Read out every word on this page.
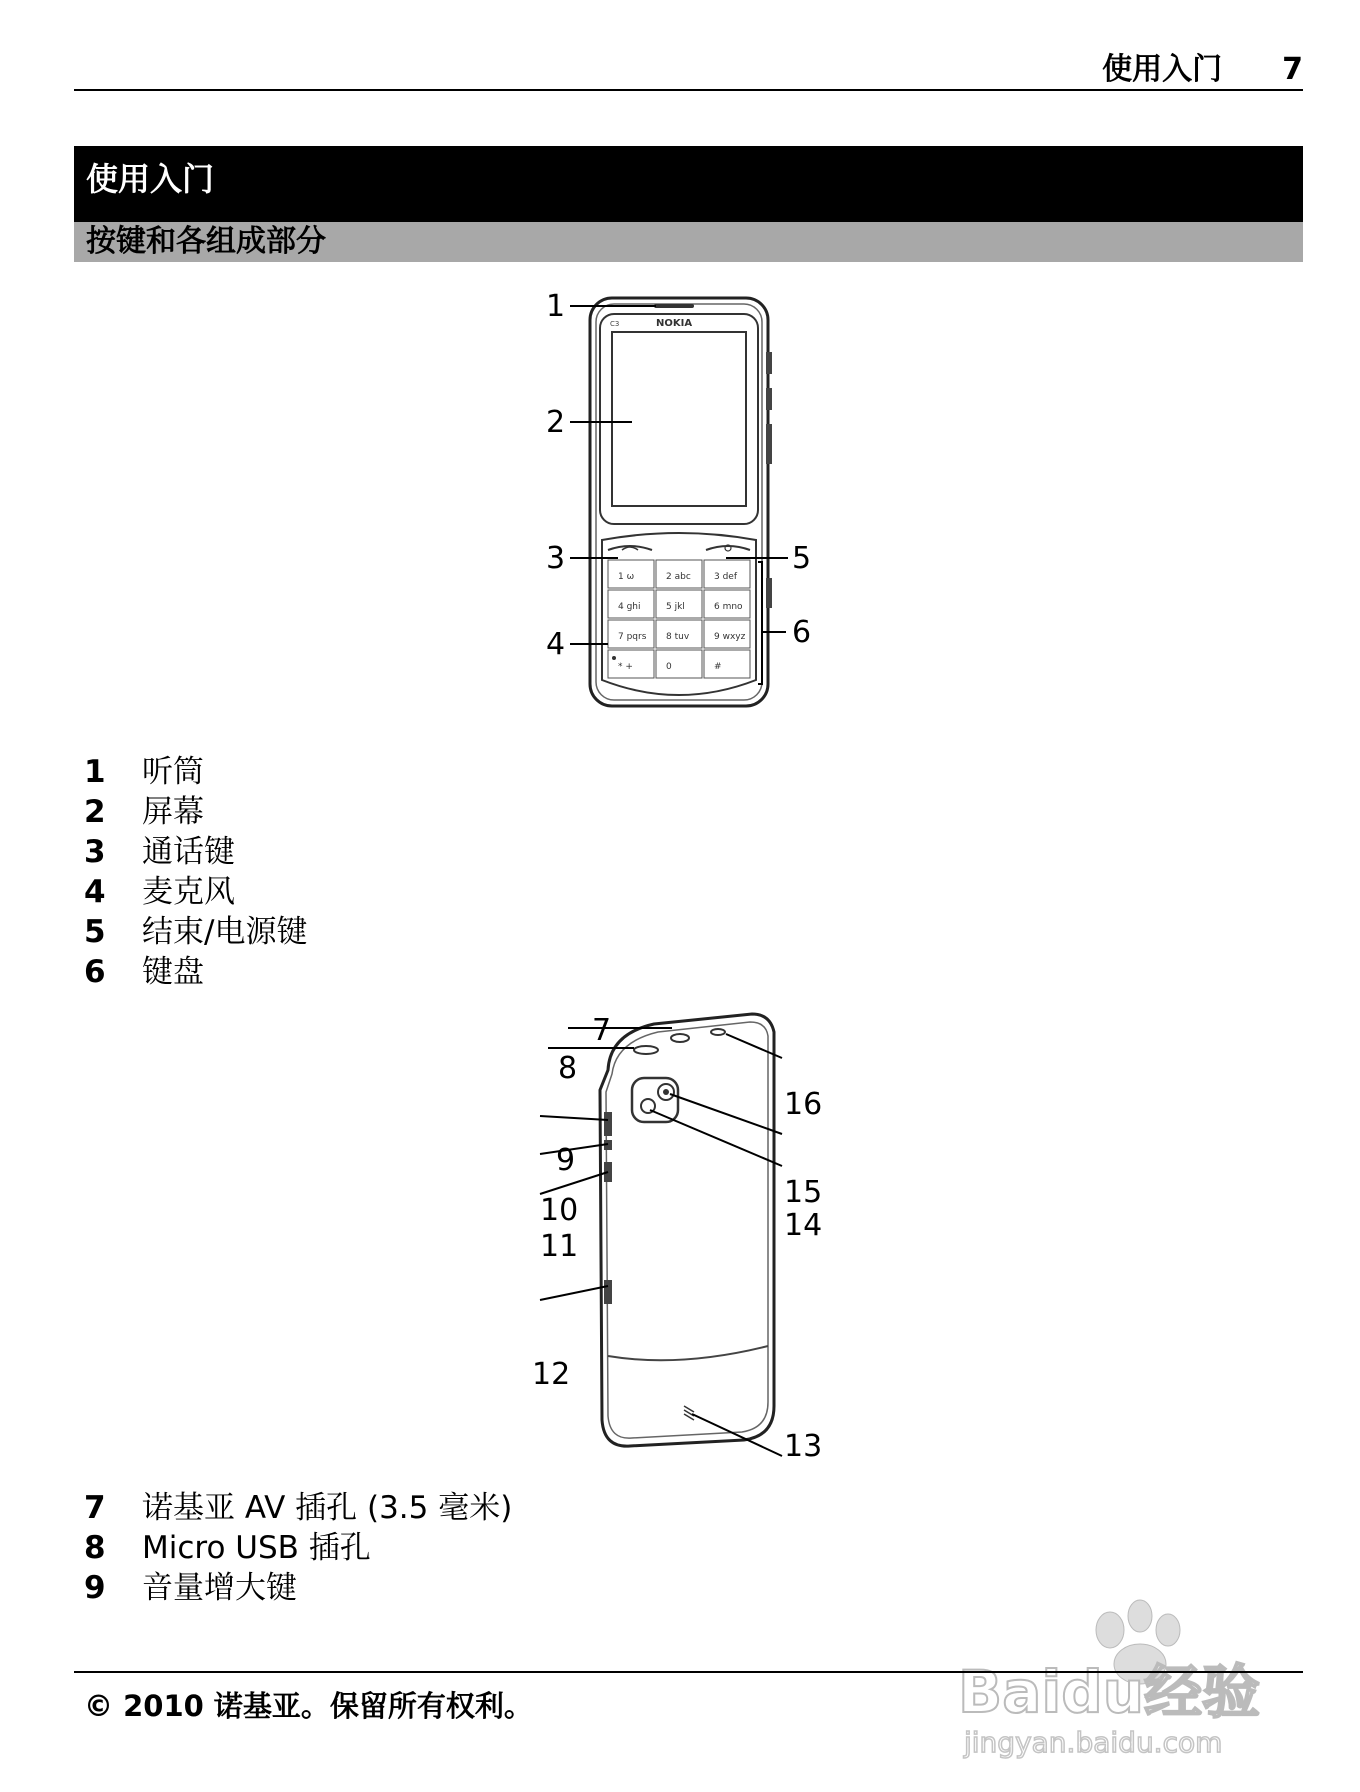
使用入门 7
使用入门
按键和各组成部分
C3	NOKIA
1 ω	2 abc	3 def
4 ghi	5 jkl	6 mno
7 pqrs 8 tuv	9 wxyz
* +	0	#
1
2
3
4
5
6
1	听筒
2	屏幕
3	通话键
4	麦克风
5	结束/电源键
6	键盘
7
8
9
10
11
12
13
14
15
16
7	诺基亚 AV 插孔 (3.5 毫米)
8	Micro USB 插孔
9	音量增大键
Baidu经验
jingyan.baidu.com
© 2010 诺基亚。保留所有权利。
